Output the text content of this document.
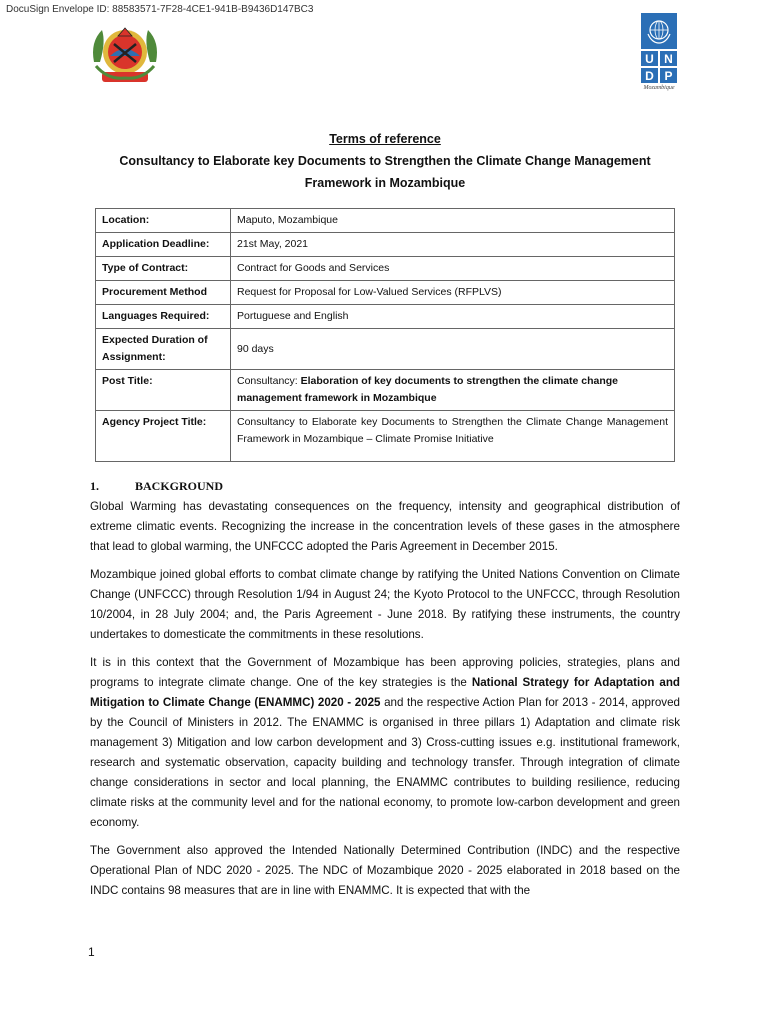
DocuSign Envelope ID: 88583571-7F28-4CE1-941B-B9436D147BC3
U N
D P
Mozambique
Terms of reference
Consultancy to Elaborate key Documents to Strengthen the Climate Change Management
Framework in Mozambique
Location:	Maputo, Mozambique
Application Deadline:	21st May, 2021
Type of Contract:	Contract for Goods and Services
Procurement Method	Request for Proposal for Low-Valued Services (RFPLVS)
Languages Required:	Portuguese and English
Expected Duration of Assignment:	90 days
Post Title:	Consultancy: Elaboration of key documents to strengthen the climate change management framework in Mozambique
Agency Project Title:	Consultancy to Elaborate key Documents to Strengthen the Climate Change Management Framework in Mozambique – Climate Promise Initiative
1.	BACKGROUND

Global Warming has devastating consequences on the frequency, intensity and geographical distribution of extreme climatic events. Recognizing the increase in the concentration levels of these gases in the atmosphere that lead to global warming, the UNFCCC adopted the Paris Agreement in December 2015.

Mozambique joined global efforts to combat climate change by ratifying the United Nations Convention on Climate Change (UNFCCC) through Resolution 1/94 in August 24; the Kyoto Protocol to the UNFCCC, through Resolution 10/2004, in 28 July 2004; and, the Paris Agreement - June 2018. By ratifying these instruments, the country undertakes to domesticate the commitments in these resolutions.

It is in this context that the Government of Mozambique has been approving policies, strategies, plans and programs to integrate climate change. One of the key strategies is the National Strategy for Adaptation and Mitigation to Climate Change (ENAMMC) 2020 - 2025 and the respective Action Plan for 2013 - 2014, approved by the Council of Ministers in 2012. The ENAMMC is organised in three pillars 1) Adaptation and climate risk management 3) Mitigation and low carbon development and 3) Cross-cutting issues e.g. institutional framework, research and systematic observation, capacity building and technology transfer. Through integration of climate change considerations in sector and local planning, the ENAMMC contributes to building resilience, reducing climate risks at the community level and for the national economy, to promote low-carbon development and green economy.

The Government also approved the Intended Nationally Determined Contribution (INDC) and the respective Operational Plan of NDC 2020 - 2025. The NDC of Mozambique 2020 - 2025 elaborated in 2018 based on the INDC contains 98 measures that are in line with ENAMMC. It is expected that with the

1
